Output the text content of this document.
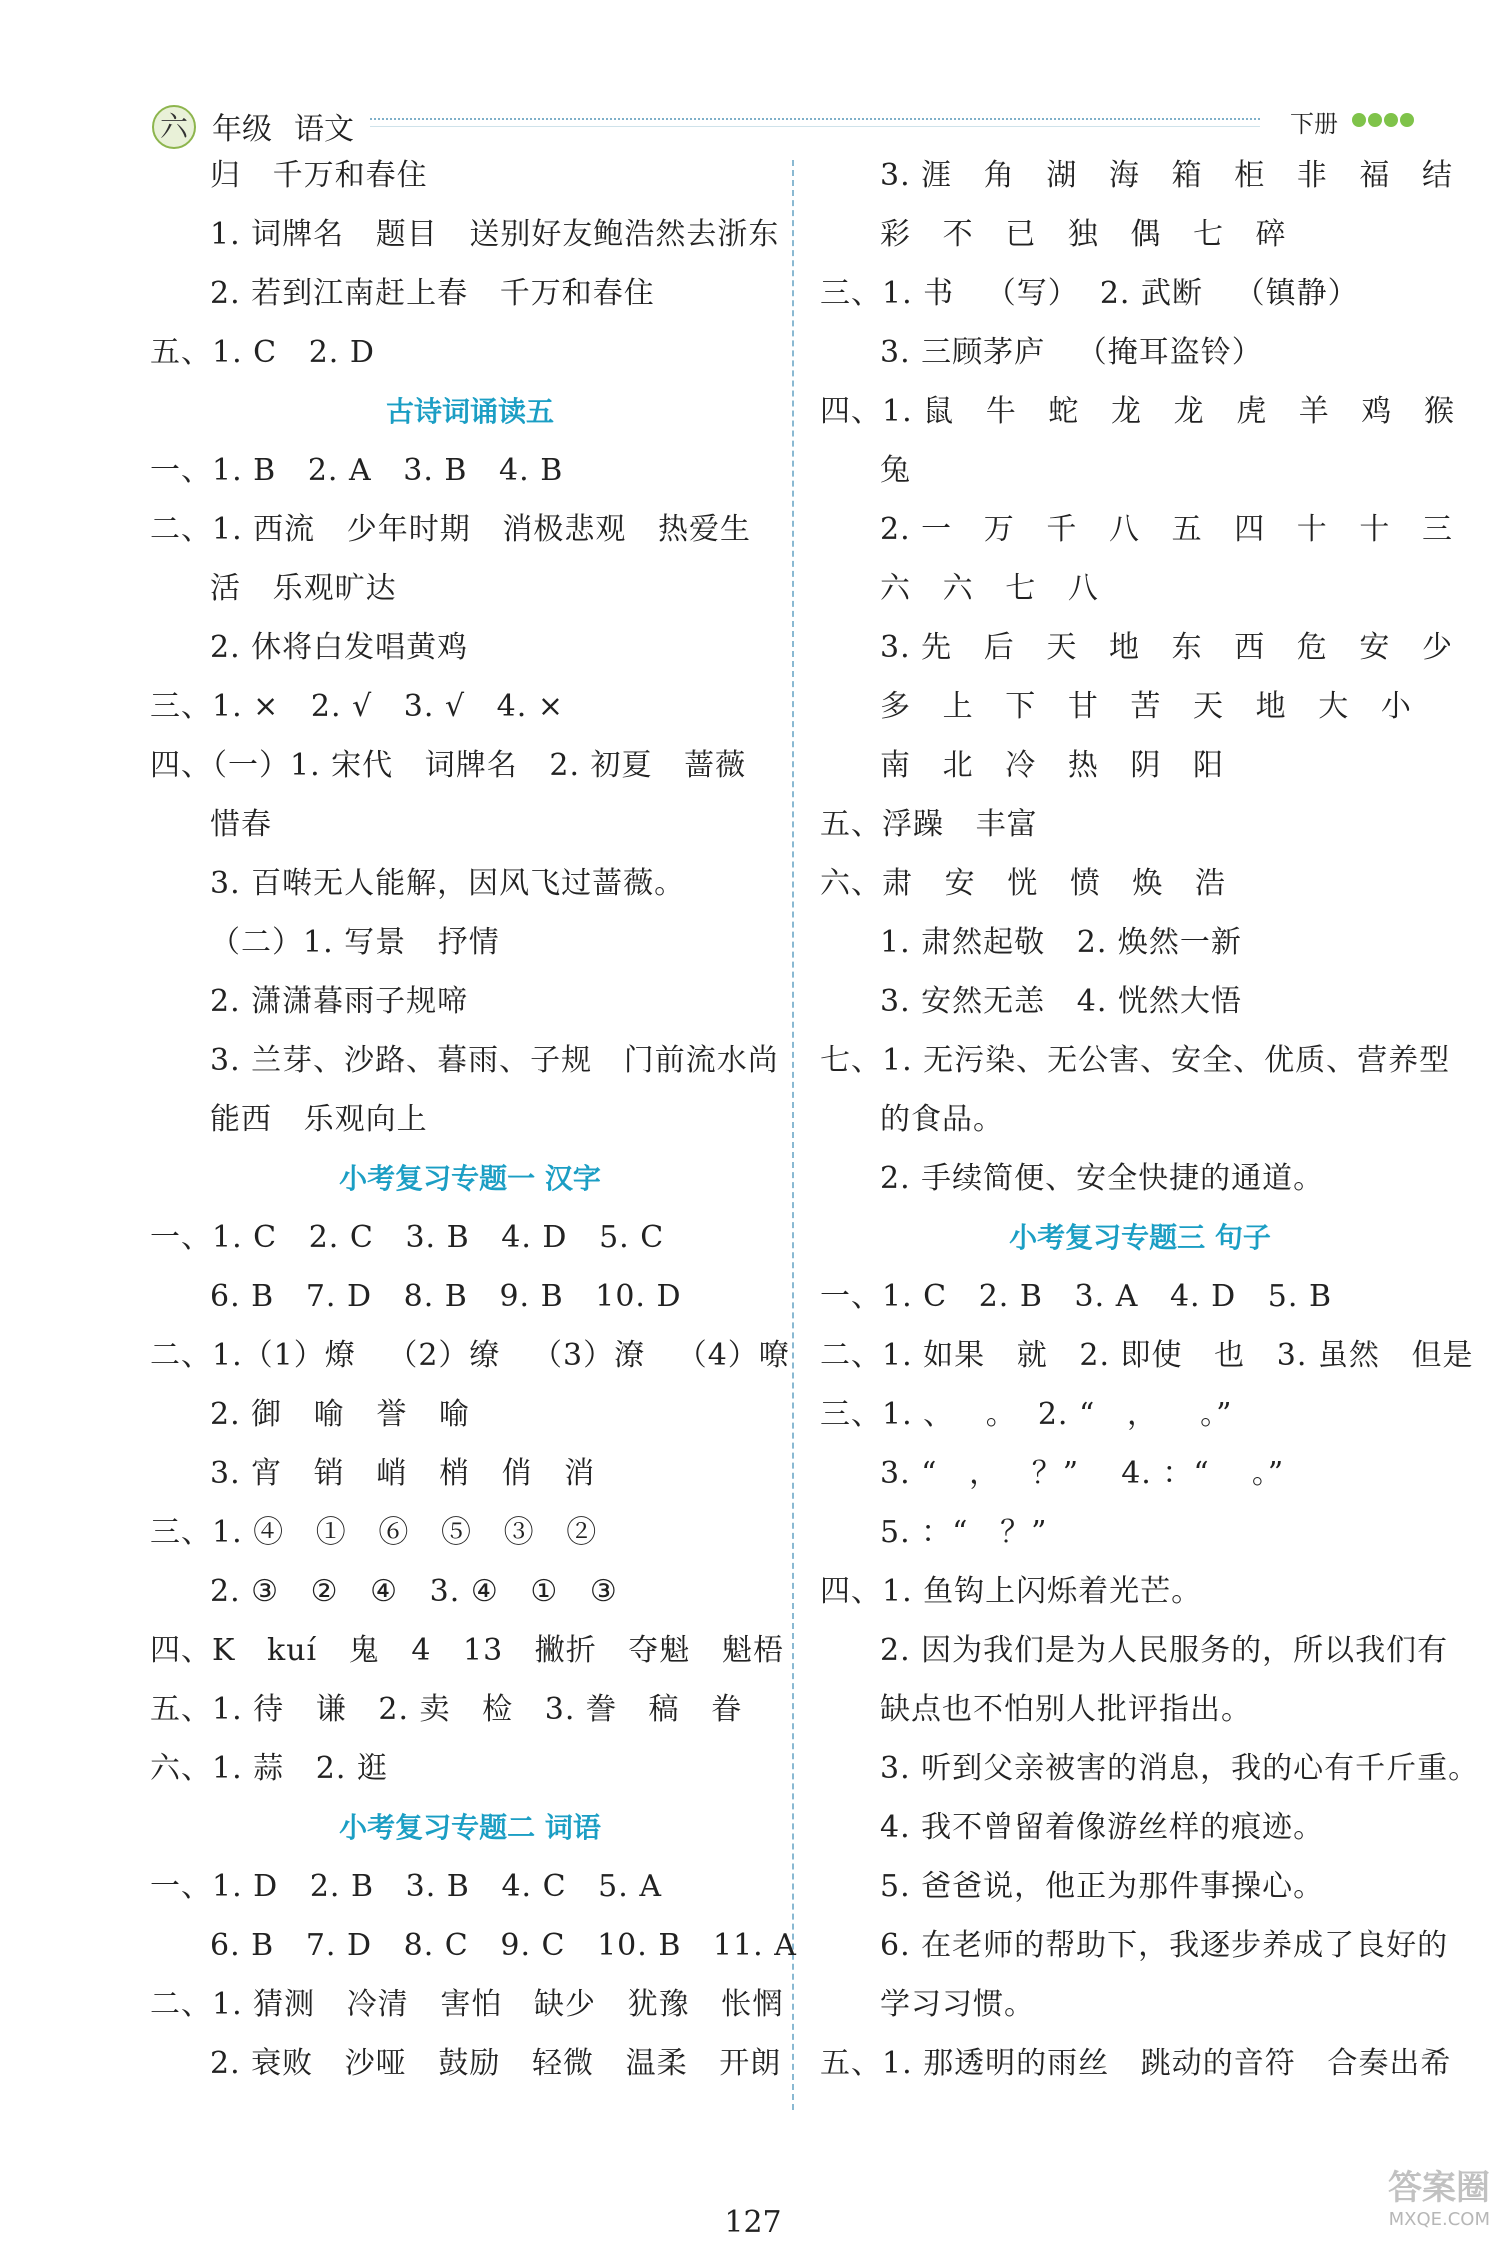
六 年级 语文	下册
归   千万和春住
1. 词牌名   题目   送别好友鲍浩然去浙东
2. 若到江南赶上春   千万和春住
五、1. C   2. D
古诗词诵读五
一、1. B   2. A   3. B   4. B
二、1. 西流   少年时期   消极悲观   热爱生
活   乐观旷达
2. 休将白发唱黄鸡
三、1. ×   2. √   3. √   4. ×
四、（一）1. 宋代   词牌名   2. 初夏   蔷薇
惜春
3. 百啭无人能解，因风飞过蔷薇。
（二）1. 写景   抒情
2. 潇潇暮雨子规啼
3. 兰芽、沙路、暮雨、子规   门前流水尚
能西   乐观向上
小考复习专题一 汉字
一、1. C   2. C   3. B   4. D   5. C
6. B   7. D   8. B   9. B   10. D
二、1.（1）燎   （2）缭   （3）潦   （4）嘹
2. 御   喻   誉   喻
3. 宵   销   峭   梢   俏   消
三、1. ④   ①   ⑥   ⑤   ③   ②
2. ③   ②   ④   3. ④   ①   ③
四、K   kuí   鬼   4   13   撇折   夺魁   魁梧
五、1. 待   谦   2. 卖   检   3. 誊   稿   眷
六、1. 蒜   2. 逛
小考复习专题二 词语
一、1. D   2. B   3. B   4. C   5. A
6. B   7. D   8. C   9. C   10. B   11. A
二、1. 猜测   冷清   害怕   缺少   犹豫   怅惘
2. 衰败   沙哑   鼓励   轻微   温柔   开朗
3. 涯   角   湖   海   箱   柜   非   福   结
彩   不   已   独   偶   七   碎
三、1. 书   （写）  2. 武断   （镇静）
3. 三顾茅庐   （掩耳盗铃）
四、1. 鼠   牛   蛇   龙   龙   虎   羊   鸡   猴
兔
2. 一   万   千   八   五   四   十   十   三
六   六   七   八
3. 先   后   天   地   东   西   危   安   少
多   上   下   甘   苦   天   地   大   小
南   北   冷   热   阴   阳
五、浮躁   丰富
六、肃   安   恍   愤   焕   浩
1. 肃然起敬   2. 焕然一新
3. 安然无恙   4. 恍然大悟
七、1. 无污染、无公害、安全、优质、营养型
的食品。
2. 手续简便、安全快捷的通道。
小考复习专题三 句子
一、1. C   2. B   3. A   4. D   5. B
二、1. 如果   就   2. 即使   也   3. 虽然   但是
三、1. 、   。  2. “   ，    。”
3. “   ，   ？”    4. ：“    。”
5. ：“   ？”
四、1. 鱼钩上闪烁着光芒。
2. 因为我们是为人民服务的，所以我们有
缺点也不怕别人批评指出。
3. 听到父亲被害的消息，我的心有千斤重。
4. 我不曾留着像游丝样的痕迹。
5. 爸爸说，他正为那件事操心。
6. 在老师的帮助下，我逐步养成了良好的
学习习惯。
五、1. 那透明的雨丝   跳动的音符   合奏出希
127
答案圈
MXQE.COM
